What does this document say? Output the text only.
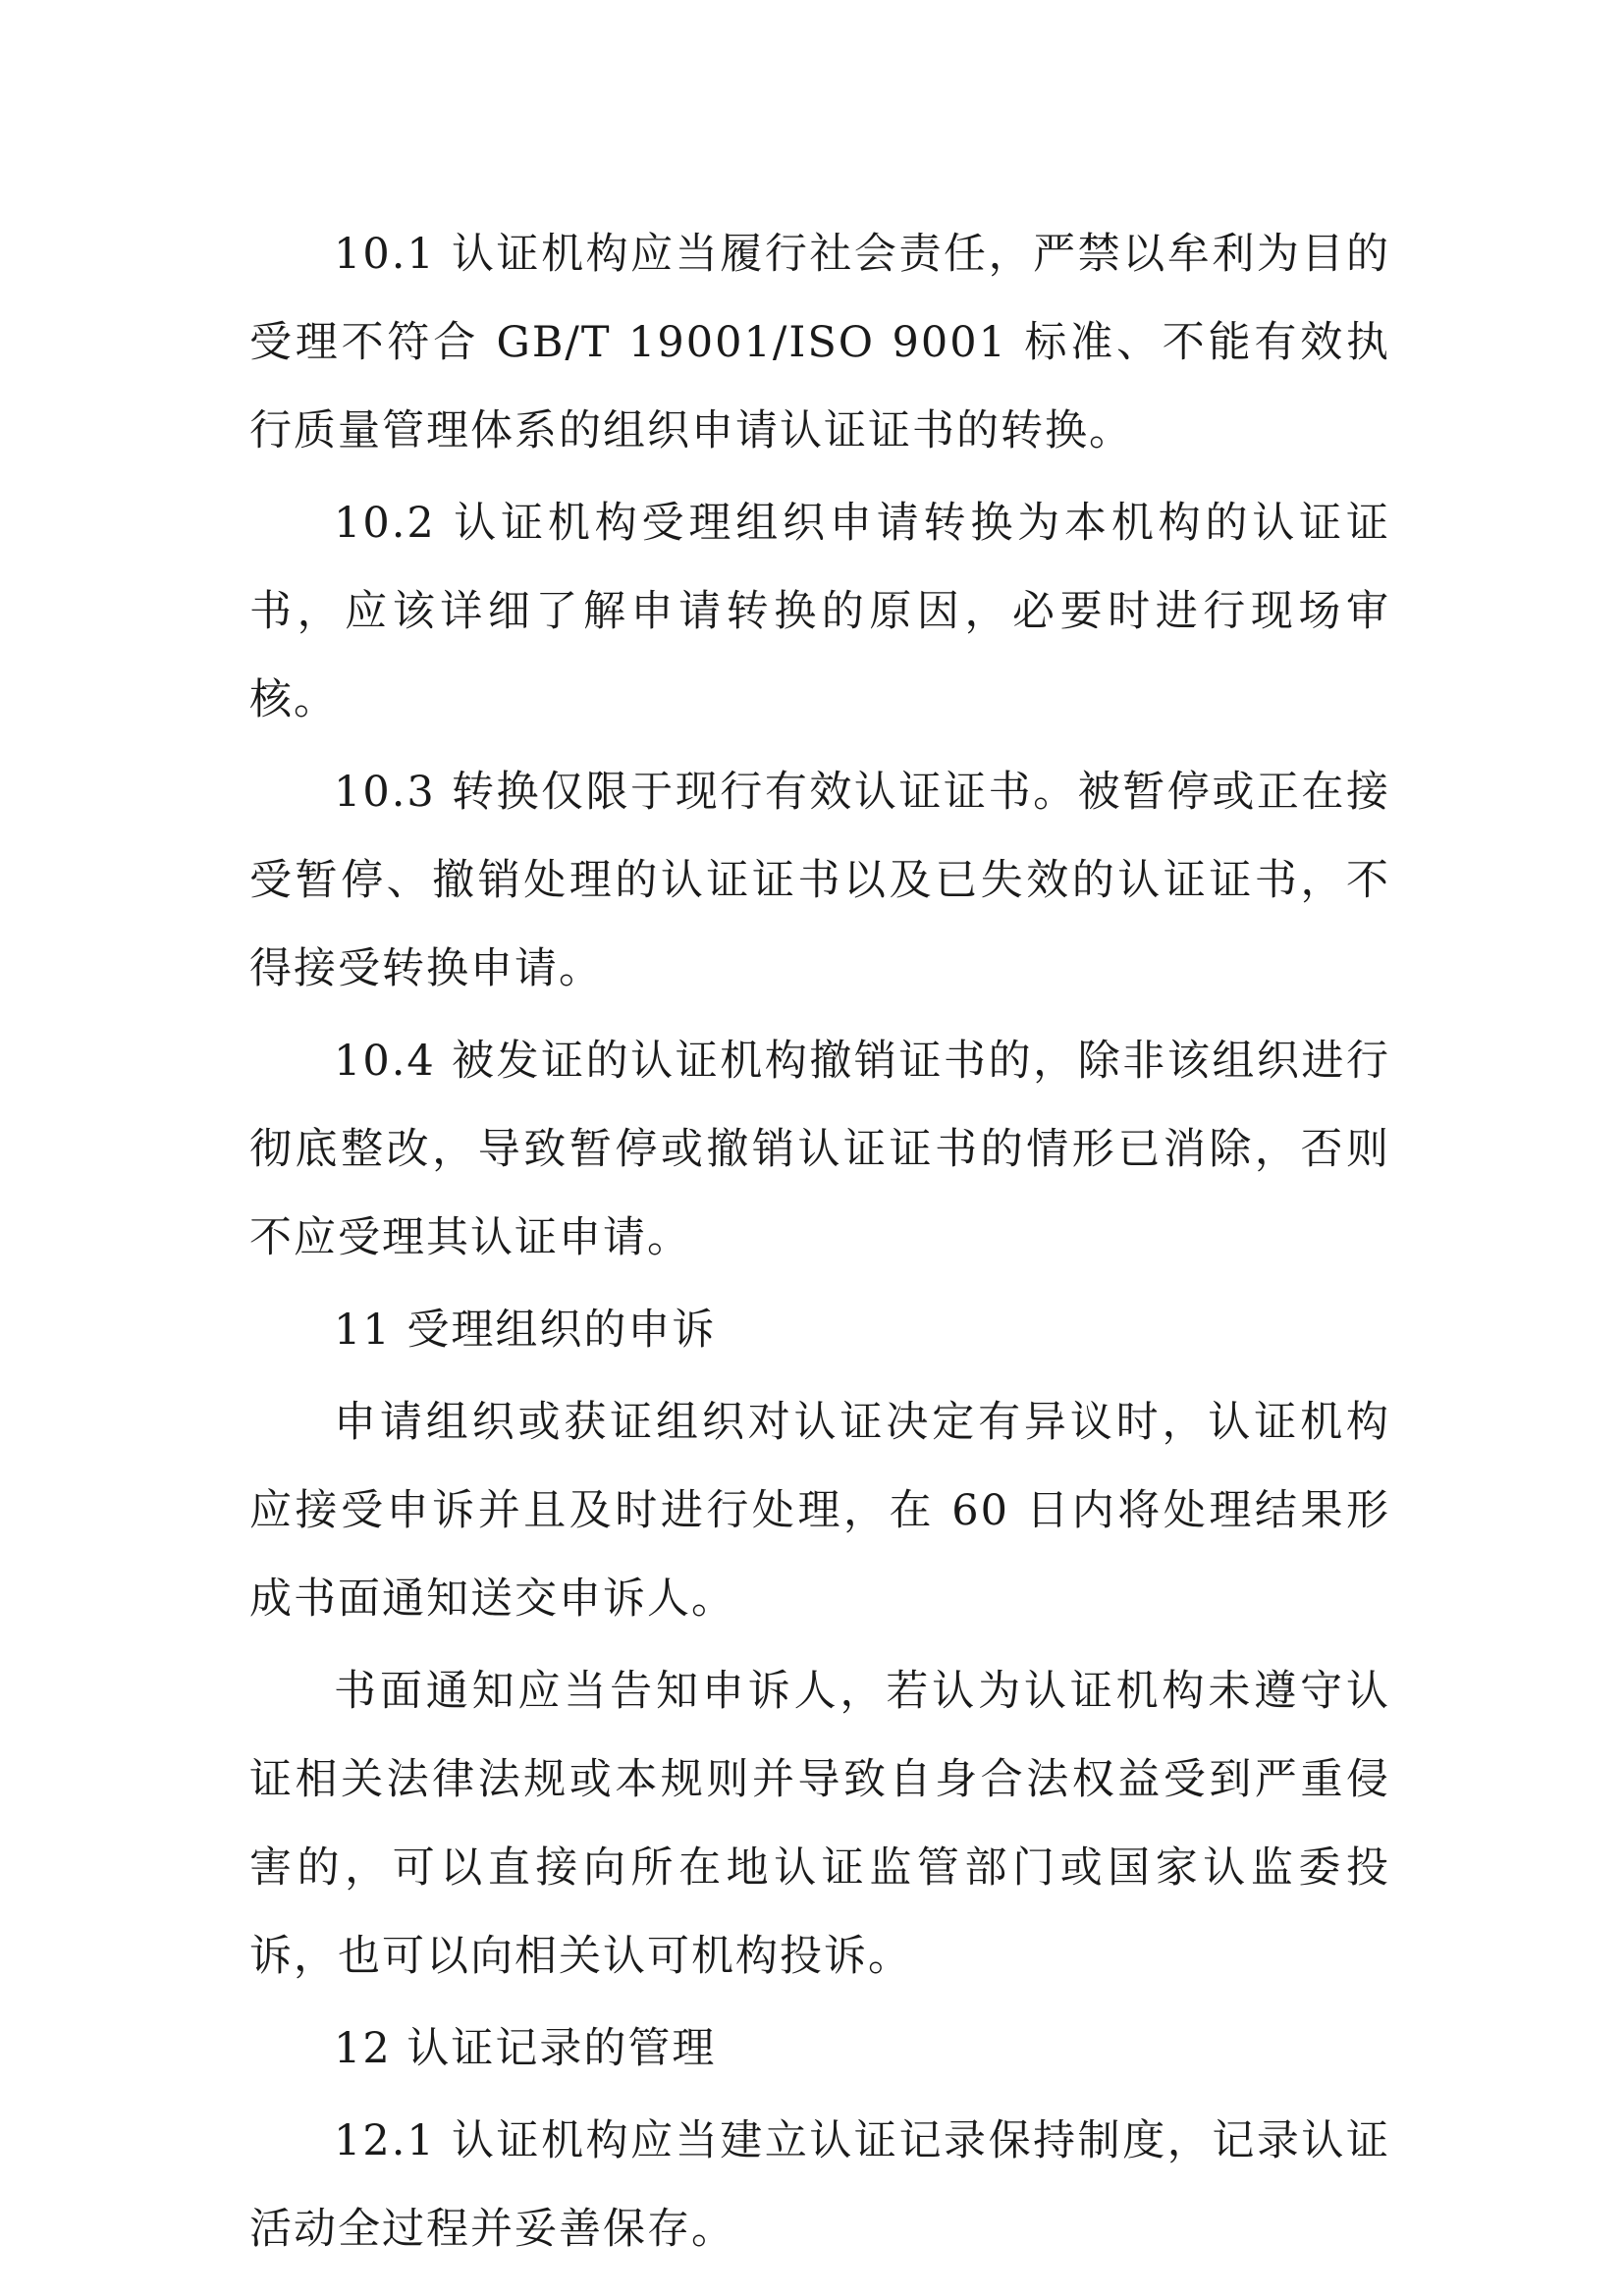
10.1 认证机构应当履行社会责任，严禁以牟利为目的受理不符合 GB/T 19001/ISO 9001 标准、不能有效执行质量管理体系的组织申请认证证书的转换。

10.2 认证机构受理组织申请转换为本机构的认证证书，应该详细了解申请转换的原因，必要时进行现场审核。

10.3 转换仅限于现行有效认证证书。被暂停或正在接受暂停、撤销处理的认证证书以及已失效的认证证书，不得接受转换申请。

10.4 被发证的认证机构撤销证书的，除非该组织进行彻底整改，导致暂停或撤销认证证书的情形已消除，否则不应受理其认证申请。

11 受理组织的申诉

申请组织或获证组织对认证决定有异议时，认证机构应接受申诉并且及时进行处理，在 60 日内将处理结果形成书面通知送交申诉人。

书面通知应当告知申诉人，若认为认证机构未遵守认证相关法律法规或本规则并导致自身合法权益受到严重侵害的，可以直接向所在地认证监管部门或国家认监委投诉，也可以向相关认可机构投诉。

12 认证记录的管理

12.1 认证机构应当建立认证记录保持制度，记录认证活动全过程并妥善保存。
